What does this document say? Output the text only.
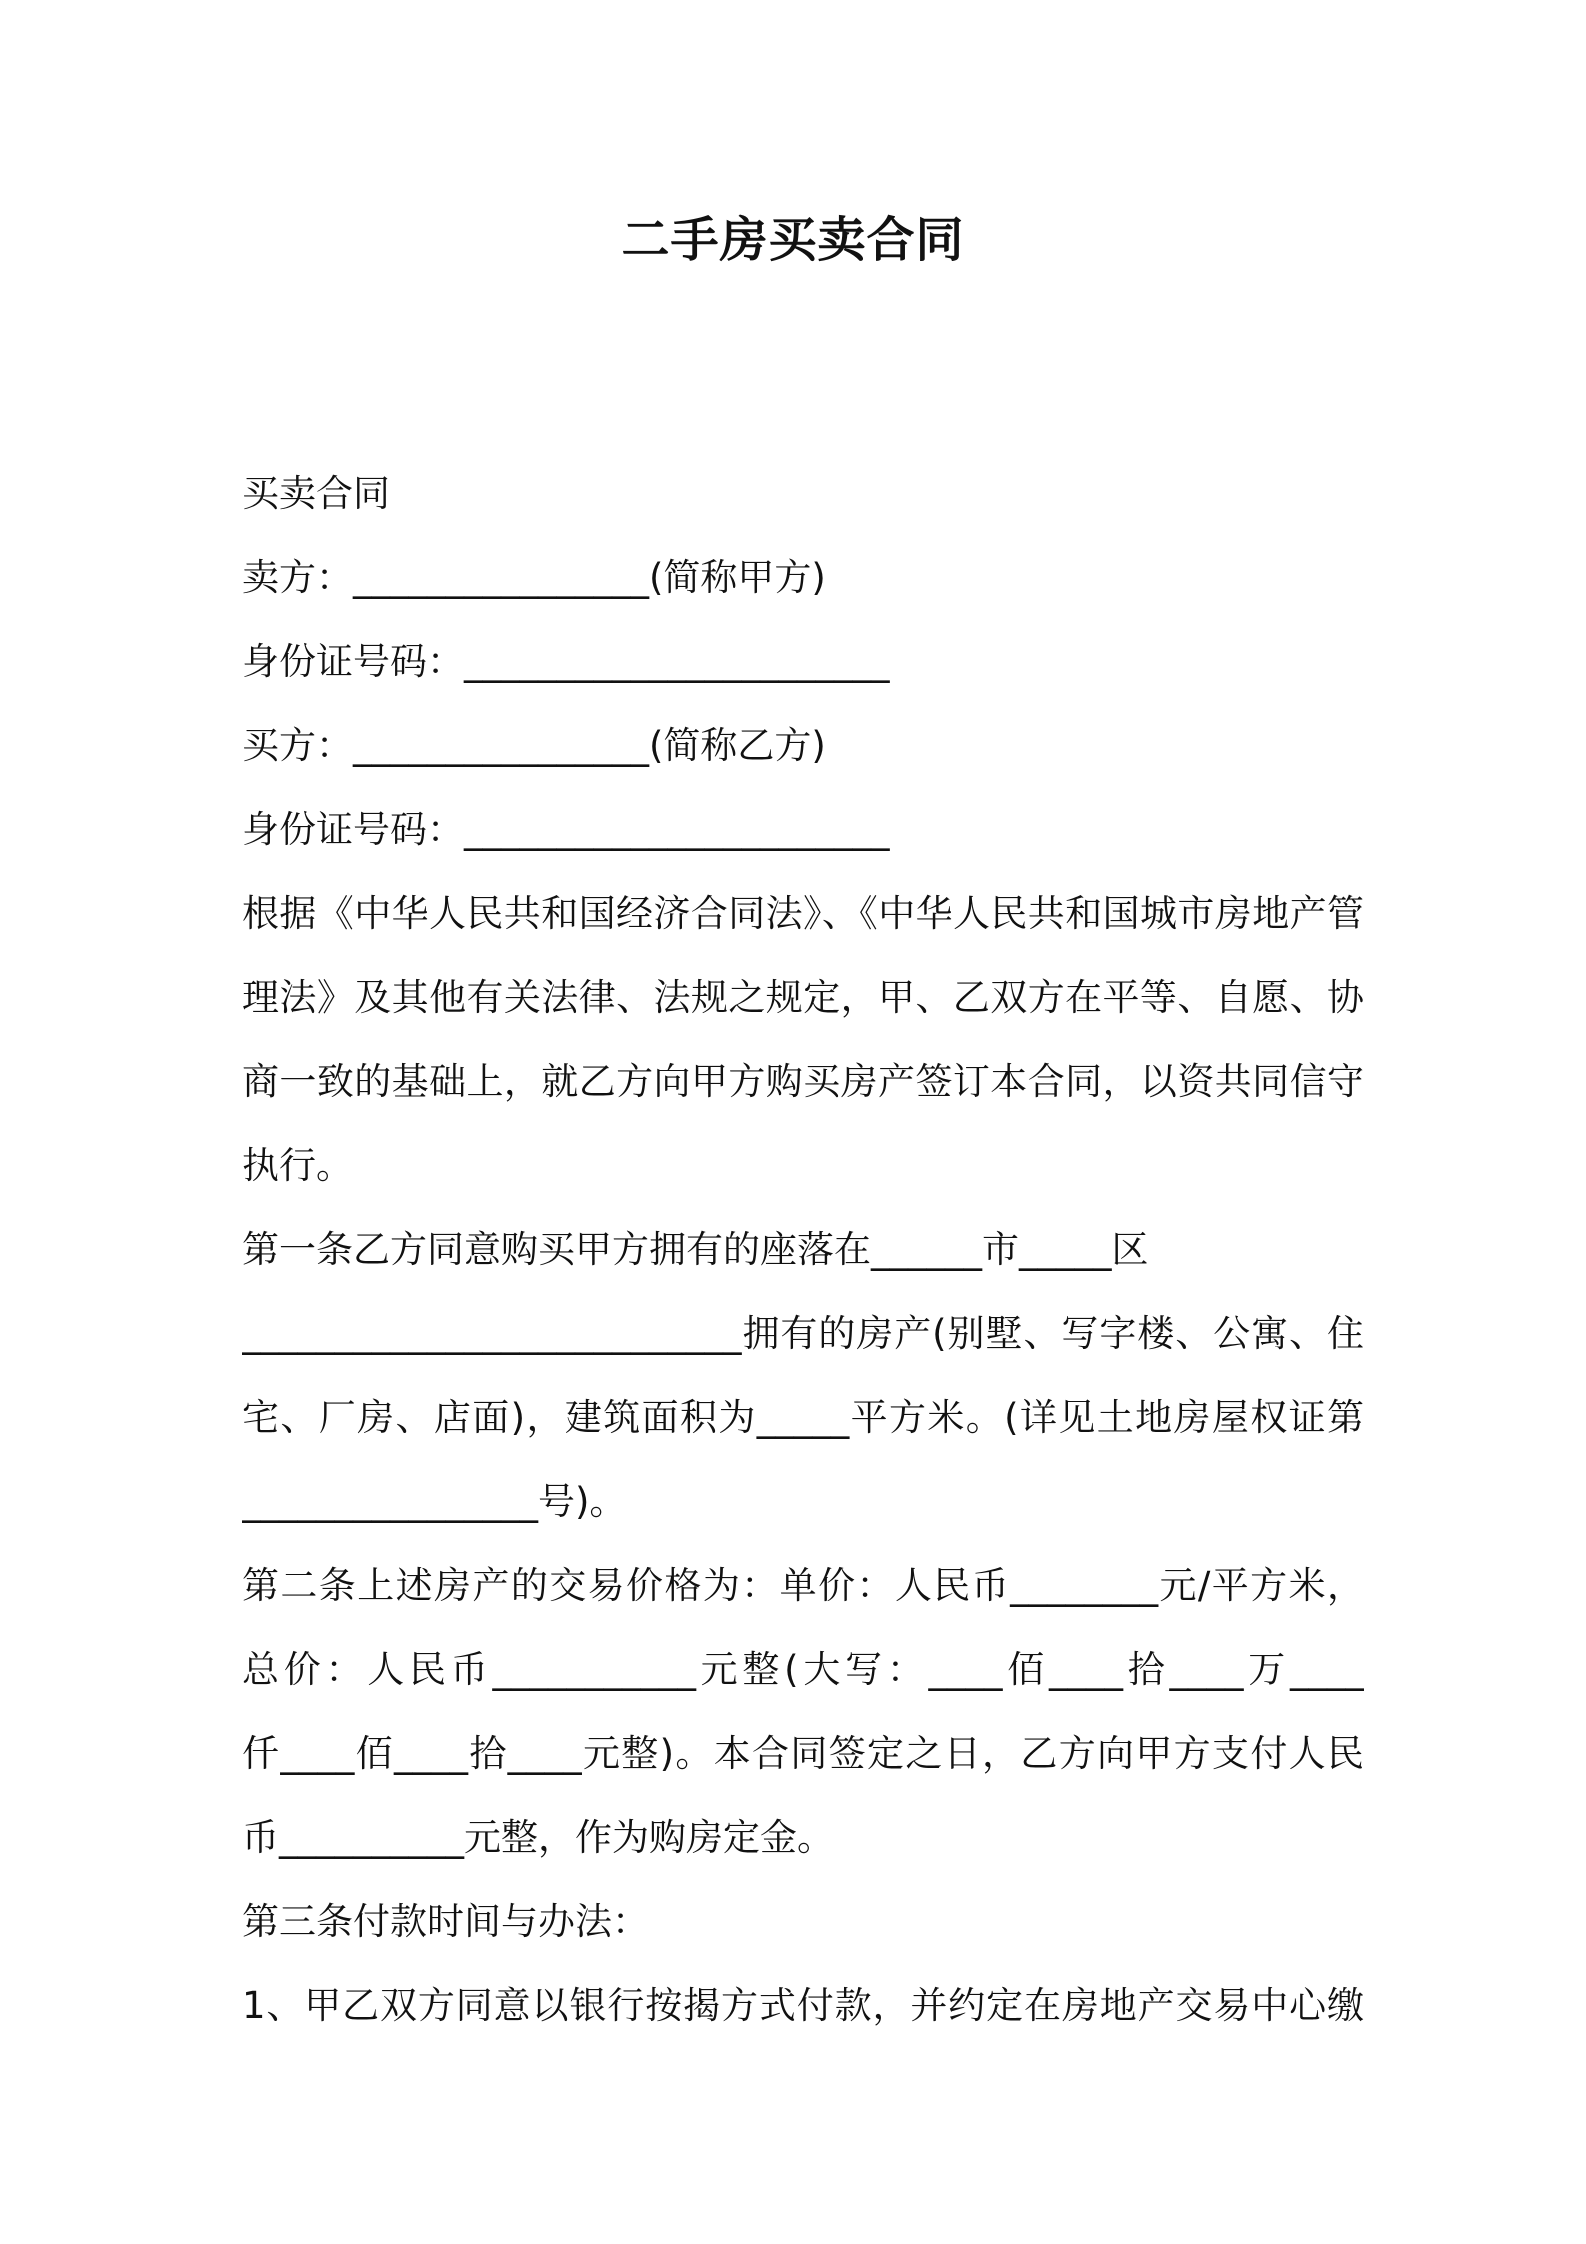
二手房买卖合同
买卖合同
卖方：________________(简称甲方)
身份证号码：_______________________
买方：________________(简称乙方)
身份证号码：_______________________
根据《中华人民共和国经济合同法》、《中华人民共和国城市房地产管
理法》及其他有关法律、法规之规定，甲、乙双方在平等、自愿、协
商一致的基础上，就乙方向甲方购买房产签订本合同，以资共同信守
执行。
第一条乙方同意购买甲方拥有的座落在______市_____区
___________________________拥有的房产(别墅、写字楼、公寓、住
宅、厂房、店面)，建筑面积为_____平方米。(详见土地房屋权证第
________________号)。
第二条上述房产的交易价格为：单价：人民币________元/平方米，
总价：人民币___________元整(大写：____佰____拾____万____
仟____佰____拾____元整)。本合同签定之日，乙方向甲方支付人民
币__________元整，作为购房定金。
第三条付款时间与办法：
1、甲乙双方同意以银行按揭方式付款，并约定在房地产交易中心缴
